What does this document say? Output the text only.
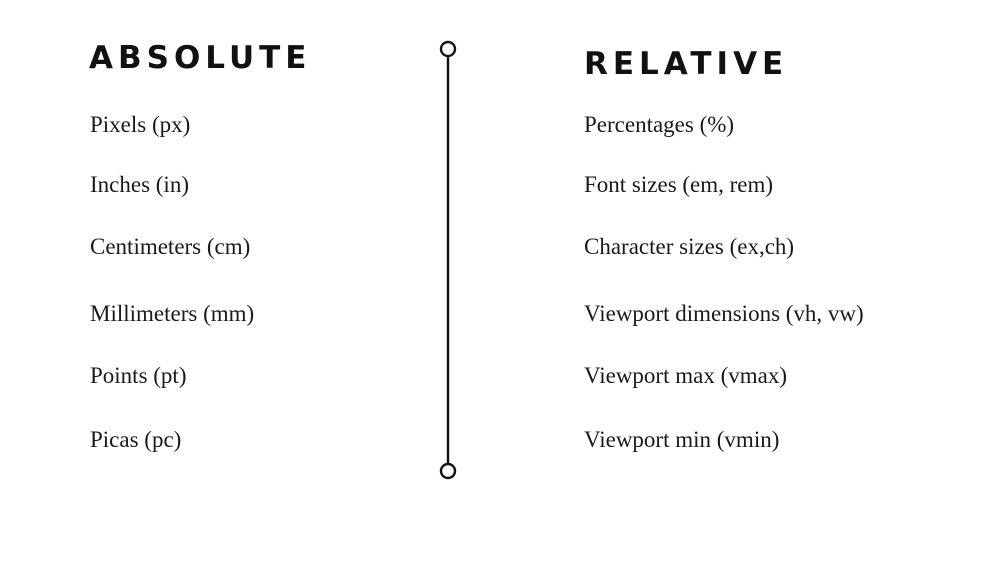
ABSOLUTE	RELATIVE
Pixels (px)
Inches (in)
Centimeters (cm)
Millimeters (mm)
Points (pt)
Picas (pc)
Percentages (%)
Font sizes (em, rem)
Character sizes (ex,ch)
Viewport dimensions (vh, vw)
Viewport max (vmax)
Viewport min (vmin)
